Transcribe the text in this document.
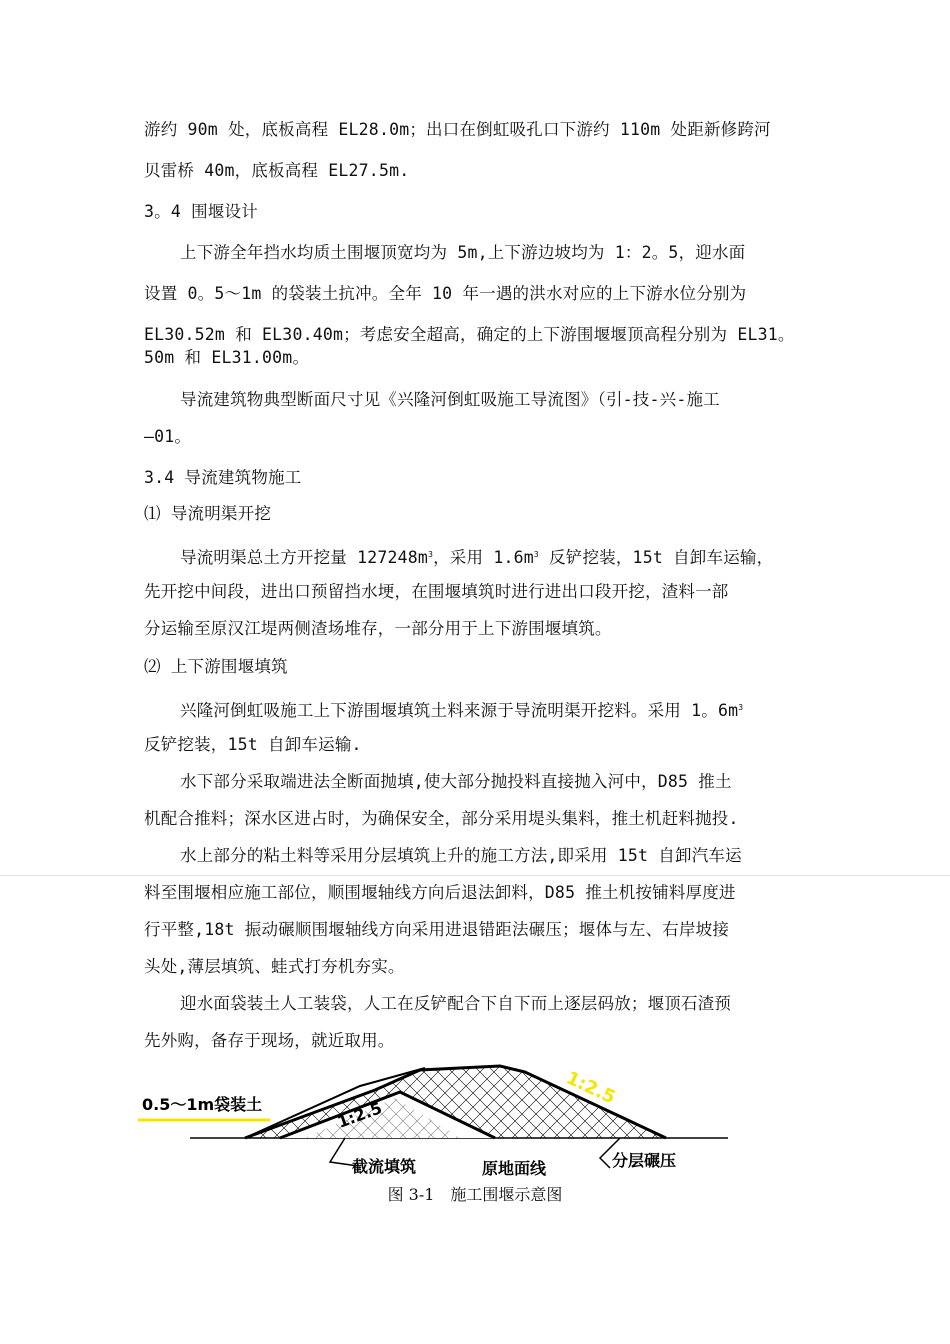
游约 90m 处，底板高程 EL28.0m；出口在倒虹吸孔口下游约 110m 处距新修跨河
贝雷桥 40m，底板高程 EL27.5m.
3。4 围堰设计
上下游全年挡水均质土围堰顶宽均为 5m,上下游边坡均为 1：2。5，迎水面
设置 0。5～1m 的袋装土抗冲。全年 10 年一遇的洪水对应的上下游水位分别为
EL30.52m 和 EL30.40m；考虑安全超高，确定的上下游围堰堰顶高程分别为 EL31。
50m 和 EL31.00m。
导流建筑物典型断面尺寸见《兴隆河倒虹吸施工导流图》（引-技-兴-施工
—01。
3.4 导流建筑物施工
⑴ 导流明渠开挖
导流明渠总土方开挖量 $127248m^3$，采用 $1.6m^3$ 反铲挖装，15t 自卸车运输，
先开挖中间段，进出口预留挡水埂，在围堰填筑时进行进出口段开挖，渣料一部
分运输至原汉江堤两侧渣场堆存，一部分用于上下游围堰填筑。
⑵ 上下游围堰填筑
兴隆河倒虹吸施工上下游围堰填筑土料来源于导流明渠开挖料。采用 1。$6m^3$
反铲挖装，15t 自卸车运输.
水下部分采取端进法全断面抛填,使大部分抛投料直接抛入河中，D85 推土
机配合推料；深水区进占时，为确保安全，部分采用堤头集料，推土机赶料抛投.
水上部分的粘土料等采用分层填筑上升的施工方法,即采用 15t 自卸汽车运
料至围堰相应施工部位，顺围堰轴线方向后退法卸料，D85 推土机按铺料厚度进
行平整,18t 振动碾顺围堰轴线方向采用进退错距法碾压；堰体与左、右岸坡接
头处,薄层填筑、蛙式打夯机夯实。
迎水面袋装土人工装袋，人工在反铲配合下自下而上逐层码放；堰顶石渣预
先外购，备存于现场，就近取用。
0.5～1m袋装土	1:2.5
1:2.5
截流填筑	原地面线	分层碾压
图 3-1　施工围堰示意图
